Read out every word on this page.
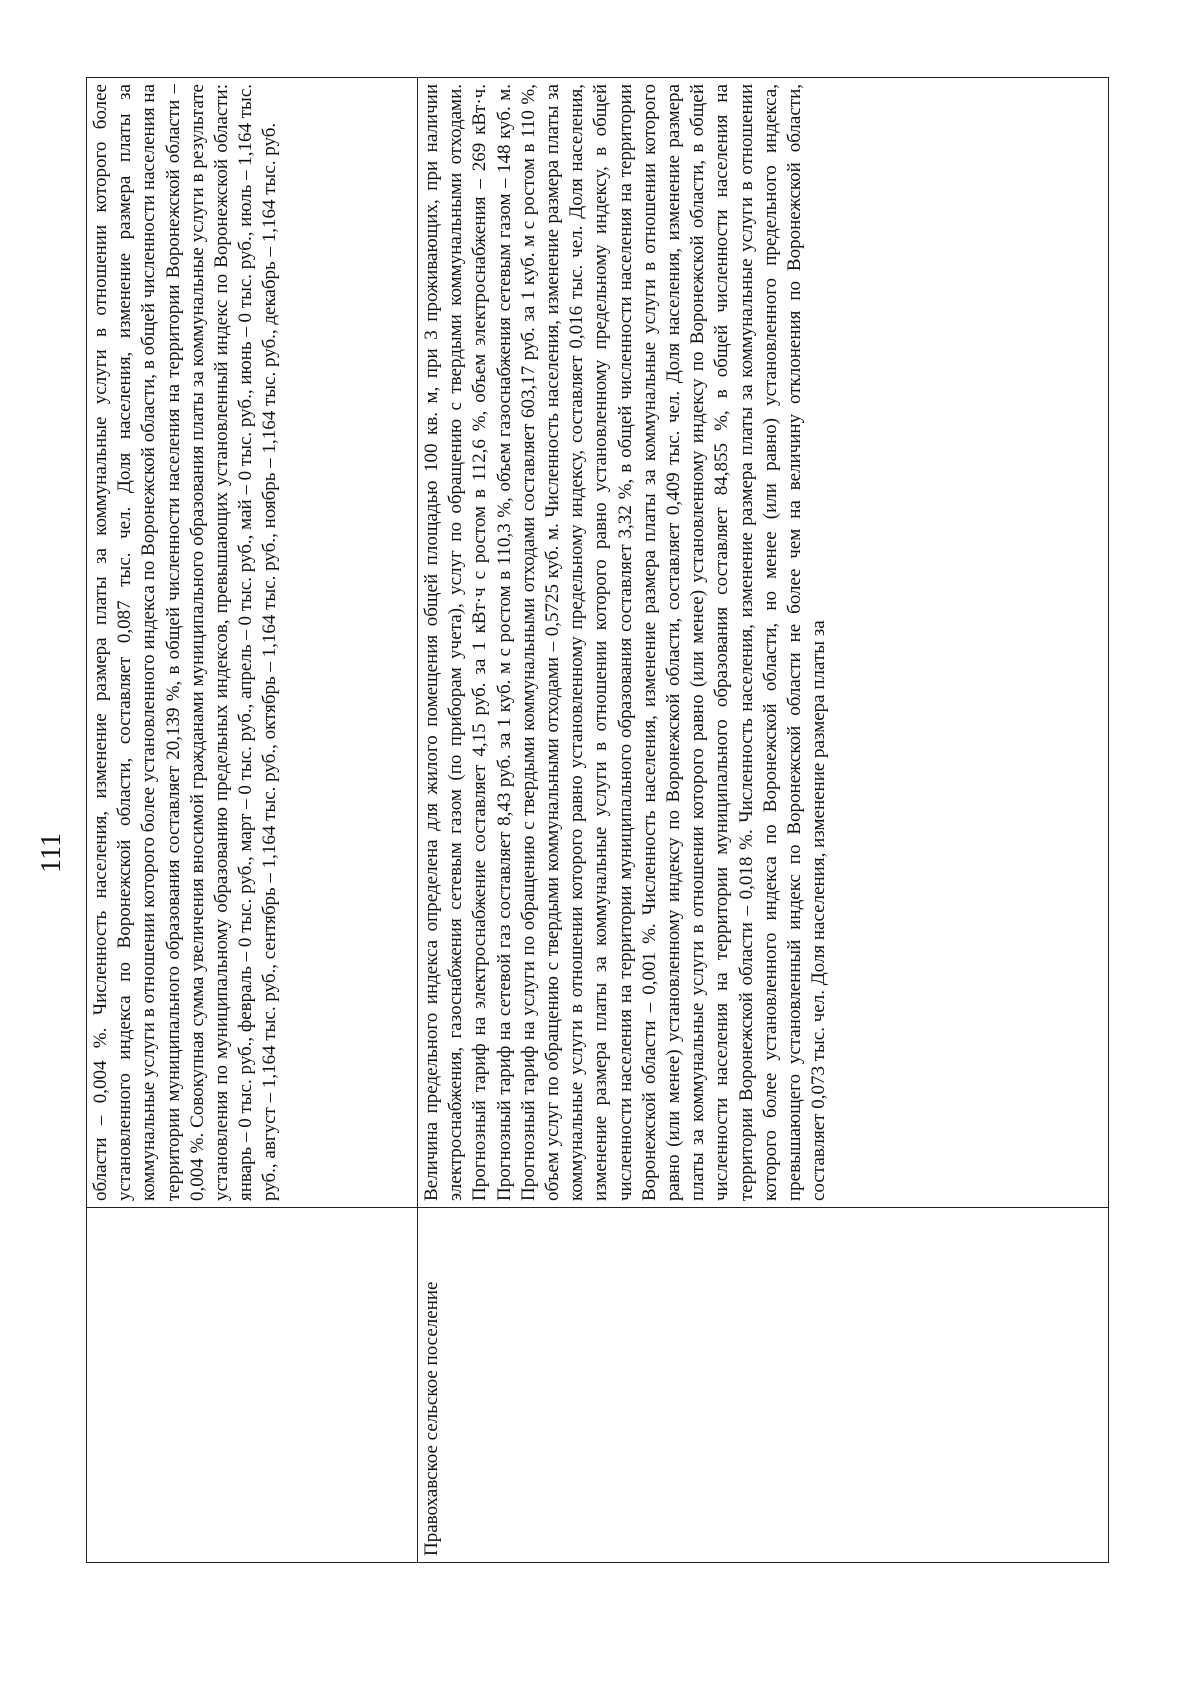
111
	области – 0,004 %. Численность населения, изменение размера платы за коммунальные услуги в отношении которого более установленного индекса по Воронежской области, составляет 0,087 тыс. чел. Доля населения, изменение размера платы за коммунальные услуги в отношении которого более установленного индекса по Воронежской области, в общей численности населения на территории муниципального образования составляет 20,139 %, в общей численности населения на территории Воронежской области – 0,004 %. Совокупная сумма увеличения вносимой гражданами муниципального образования платы за коммунальные услуги в результате установления по муниципальному образованию предельных индексов, превышающих установленный индекс по Воронежской области: январь – 0 тыс. руб., февраль – 0 тыс. руб., март – 0 тыс. руб., апрель – 0 тыс. руб., май – 0 тыс. руб., июнь – 0 тыс. руб., июль – 1,164 тыс. руб., август – 1,164 тыс. руб., сентябрь – 1,164 тыс. руб., октябрь – 1,164 тыс. руб., ноябрь – 1,164 тыс. руб., декабрь – 1,164 тыс. руб.
Правохавское сельское поселение	Величина предельного индекса определена для жилого помещения общей площадью 100 кв. м, при 3 проживающих, при наличии электроснабжения, газоснабжения сетевым газом (по приборам учета), услуг по обращению с твердыми коммунальными отходами. Прогнозный тариф на электроснабжение составляет 4,15 руб. за 1 кВт·ч с ростом в 112,6 %, объем электроснабжения – 269 кВт·ч. Прогнозный тариф на сетевой газ составляет 8,43 руб. за 1 куб. м с ростом в 110,3 %, объем газоснабжения сетевым газом – 148 куб. м. Прогнозный тариф на услуги по обращению с твердыми коммунальными отходами составляет 603,17 руб. за 1 куб. м с ростом в 110 %, объем услуг по обращению с твердыми коммунальными отходами – 0,5725 куб. м. Численность населения, изменение размера платы за коммунальные услуги в отношении которого равно установленному предельному индексу, составляет 0,016 тыс. чел. Доля населения, изменение размера платы за коммунальные услуги в отношении которого равно установленному предельному индексу, в общей численности населения на территории муниципального образования составляет 3,32 %, в общей численности населения на территории Воронежской области – 0,001 %. Численность населения, изменение размера платы за коммунальные услуги в отношении которого равно (или менее) установленному индексу по Воронежской области, составляет 0,409 тыс. чел. Доля населения, изменение размера платы за коммунальные услуги в отношении которого равно (или менее) установленному индексу по Воронежской области, в общей численности населения на территории муниципального образования составляет 84,855 %, в общей численности населения на территории Воронежской области – 0,018 %. Численность населения, изменение размера платы за коммунальные услуги в отношении которого более установленного индекса по Воронежской области, но менее (или равно) установленного предельного индекса, превышающего установленный индекс по Воронежской области не более чем на величину отклонения по Воронежской области, составляет 0,073 тыс. чел. Доля населения, изменение размера платы за
